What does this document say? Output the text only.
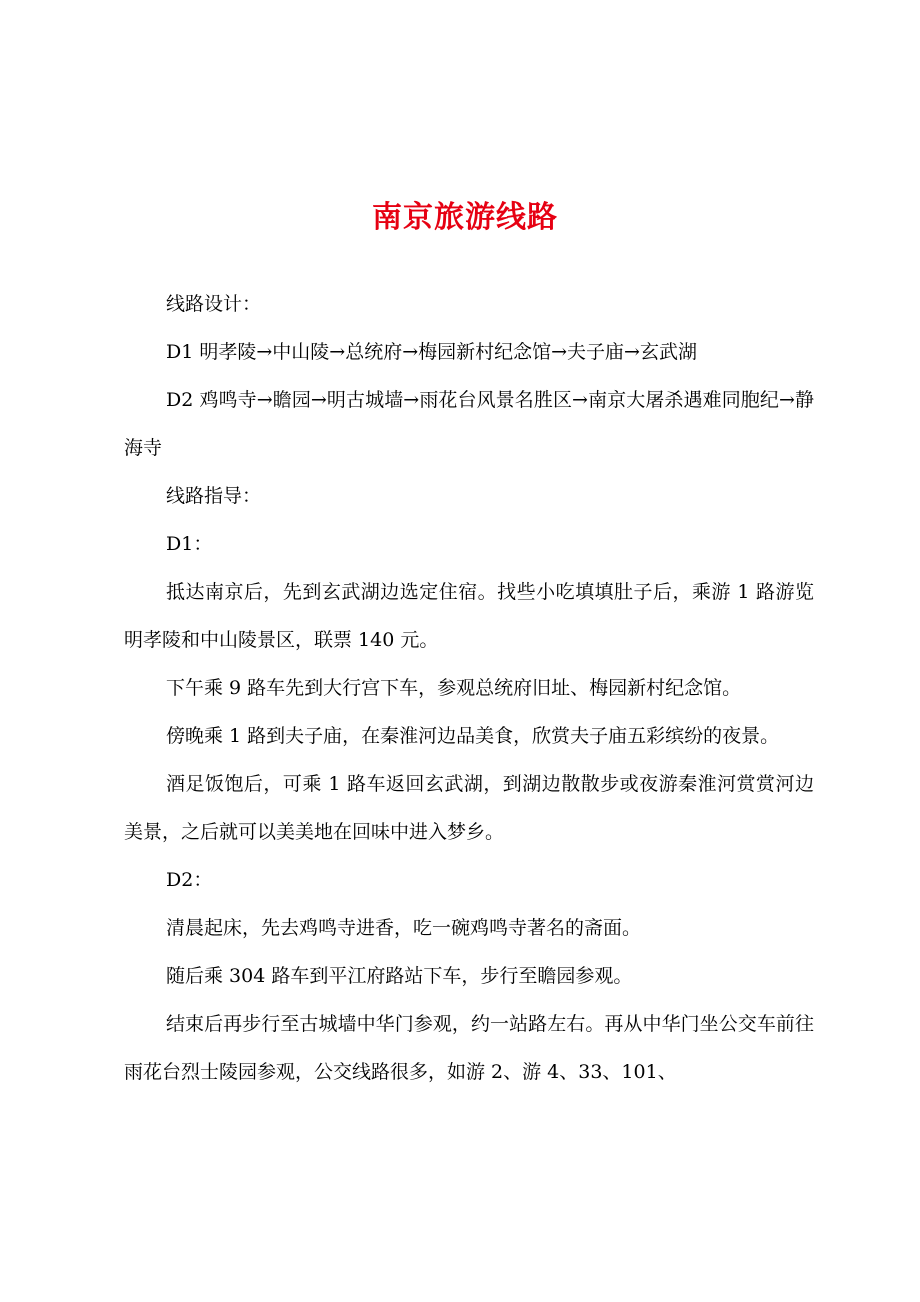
南京旅游线路

线路设计：

D1 明孝陵→中山陵→总统府→梅园新村纪念馆→夫子庙→玄武湖

D2 鸡鸣寺→瞻园→明古城墙→雨花台风景名胜区→南京大屠杀遇难同胞纪→静海寺

线路指导：

D1：

抵达南京后，先到玄武湖边选定住宿。找些小吃填填肚子后，乘游 1 路游览明孝陵和中山陵景区，联票 140 元。

下午乘 9 路车先到大行宫下车，参观总统府旧址、梅园新村纪念馆。

傍晚乘 1 路到夫子庙，在秦淮河边品美食，欣赏夫子庙五彩缤纷的夜景。

酒足饭饱后，可乘 1 路车返回玄武湖，到湖边散散步或夜游秦淮河赏赏河边美景，之后就可以美美地在回味中进入梦乡。

D2：

清晨起床，先去鸡鸣寺进香，吃一碗鸡鸣寺著名的斋面。

随后乘 304 路车到平江府路站下车，步行至瞻园参观。

结束后再步行至古城墙中华门参观，约一站路左右。再从中华门坐公交车前往雨花台烈士陵园参观，公交线路很多，如游 2、游 4、33、101、
